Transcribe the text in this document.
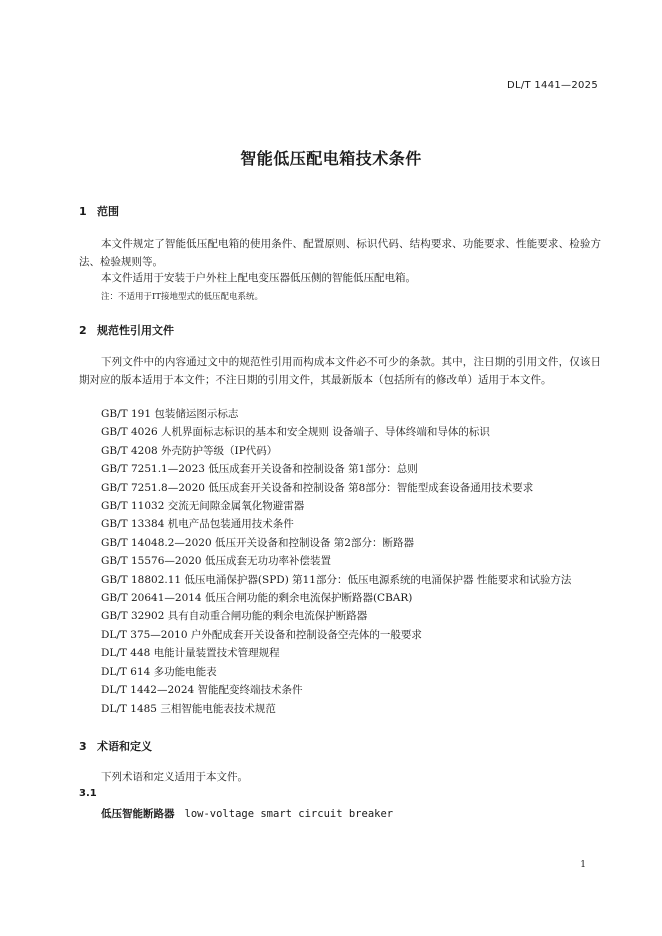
DL/T 1441—2025
智能低压配电箱技术条件
1 范围

本文件规定了智能低压配电箱的使用条件、配置原则、标识代码、结构要求、功能要求、性能要求、检验方法、检验规则等。

本文件适用于安装于户外柱上配电变压器低压侧的智能低压配电箱。

注：不适用于IT接地型式的低压配电系统。
2 规范性引用文件

下列文件中的内容通过文中的规范性引用而构成本文件必不可少的条款。其中，注日期的引用文件，仅该日期对应的版本适用于本文件；不注日期的引用文件，其最新版本（包括所有的修改单）适用于本文件。

GB/T 191 包装储运图示标志
GB/T 4026 人机界面标志标识的基本和安全规则 设备端子、导体终端和导体的标识
GB/T 4208 外壳防护等级（IP代码）
GB/T 7251.1—2023 低压成套开关设备和控制设备 第1部分：总则
GB/T 7251.8—2020 低压成套开关设备和控制设备 第8部分：智能型成套设备通用技术要求
GB/T 11032 交流无间隙金属氧化物避雷器
GB/T 13384 机电产品包装通用技术条件
GB/T 14048.2—2020 低压开关设备和控制设备 第2部分：断路器
GB/T 15576—2020 低压成套无功功率补偿装置
GB/T 18802.11 低压电涌保护器(SPD) 第11部分：低压电源系统的电涌保护器 性能要求和试验方法
GB/T 20641—2014 低压合闸功能的剩余电流保护断路器(CBAR)
GB/T 32902 具有自动重合闸功能的剩余电流保护断路器
DL/T 375—2010 户外配成套开关设备和控制设备空壳体的一般要求
DL/T 448 电能计量装置技术管理规程
DL/T 614 多功能电能表
DL/T 1442—2024 智能配变终端技术条件
DL/T 1485 三相智能电能表技术规范
3 术语和定义

下列术语和定义适用于本文件。

3.1
低压智能断路器 low-voltage smart circuit breaker
1
